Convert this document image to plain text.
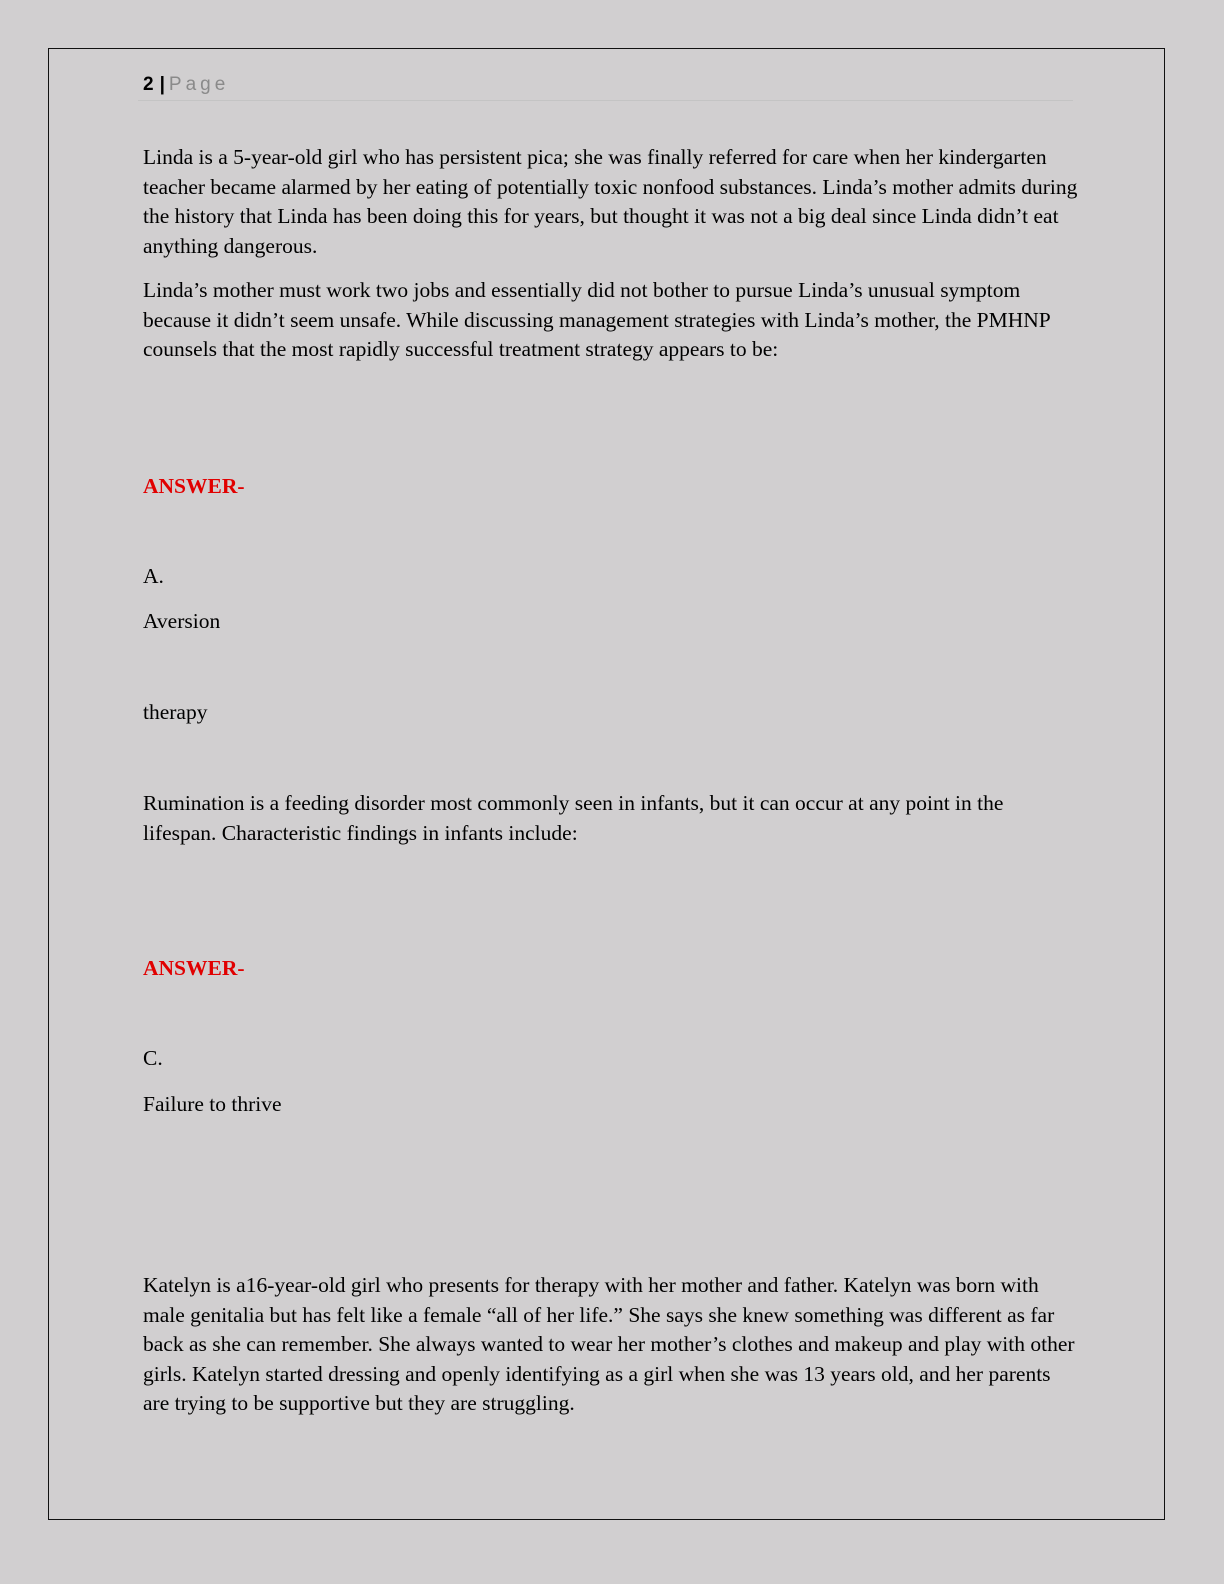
2 | Page

Linda is a 5-year-old girl who has persistent pica; she was finally referred for care when her kindergarten teacher became alarmed by her eating of potentially toxic nonfood substances. Linda’s mother admits during the history that Linda has been doing this for years, but thought it was not a big deal since Linda didn’t eat anything dangerous.

Linda’s mother must work two jobs and essentially did not bother to pursue Linda’s unusual symptom because it didn’t seem unsafe. While discussing management strategies with Linda’s mother, the PMHNP counsels that the most rapidly successful treatment strategy appears to be:

ANSWER-

A.

Aversion

therapy

Rumination is a feeding disorder most commonly seen in infants, but it can occur at any point in the lifespan. Characteristic findings in infants include:

ANSWER-

C.

Failure to thrive

Katelyn is a16-year-old girl who presents for therapy with her mother and father. Katelyn was born with male genitalia but has felt like a female “all of her life.” She says she knew something was different as far back as she can remember. She always wanted to wear her mother’s clothes and makeup and play with other girls. Katelyn started dressing and openly identifying as a girl when she was 13 years old, and her parents are trying to be supportive but they are struggling.
